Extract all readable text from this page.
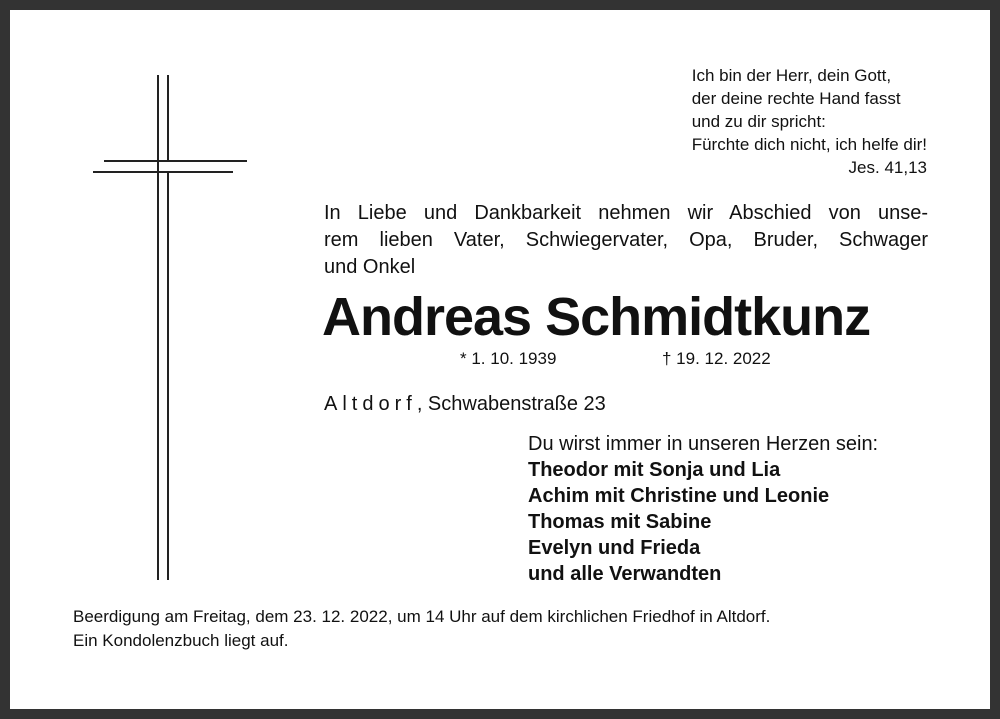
Ich bin der Herr, dein Gott,
der deine rechte Hand fasst
und zu dir spricht:
Fürchte dich nicht, ich helfe dir!
Jes. 41,13
In Liebe und Dankbarkeit nehmen wir Abschied von unse-
rem lieben Vater, Schwiegervater, Opa, Bruder, Schwager
und Onkel
Andreas Schmidtkunz
* 1. 10. 1939	† 19. 12. 2022
Altdorf, Schwabenstraße 23
Du wirst immer in unseren Herzen sein:
Theodor mit Sonja und Lia
Achim mit Christine und Leonie
Thomas mit Sabine
Evelyn und Frieda
und alle Verwandten
Beerdigung am Freitag, dem 23. 12. 2022, um 14 Uhr auf dem kirchlichen Friedhof in Altdorf.
Ein Kondolenzbuch liegt auf.
